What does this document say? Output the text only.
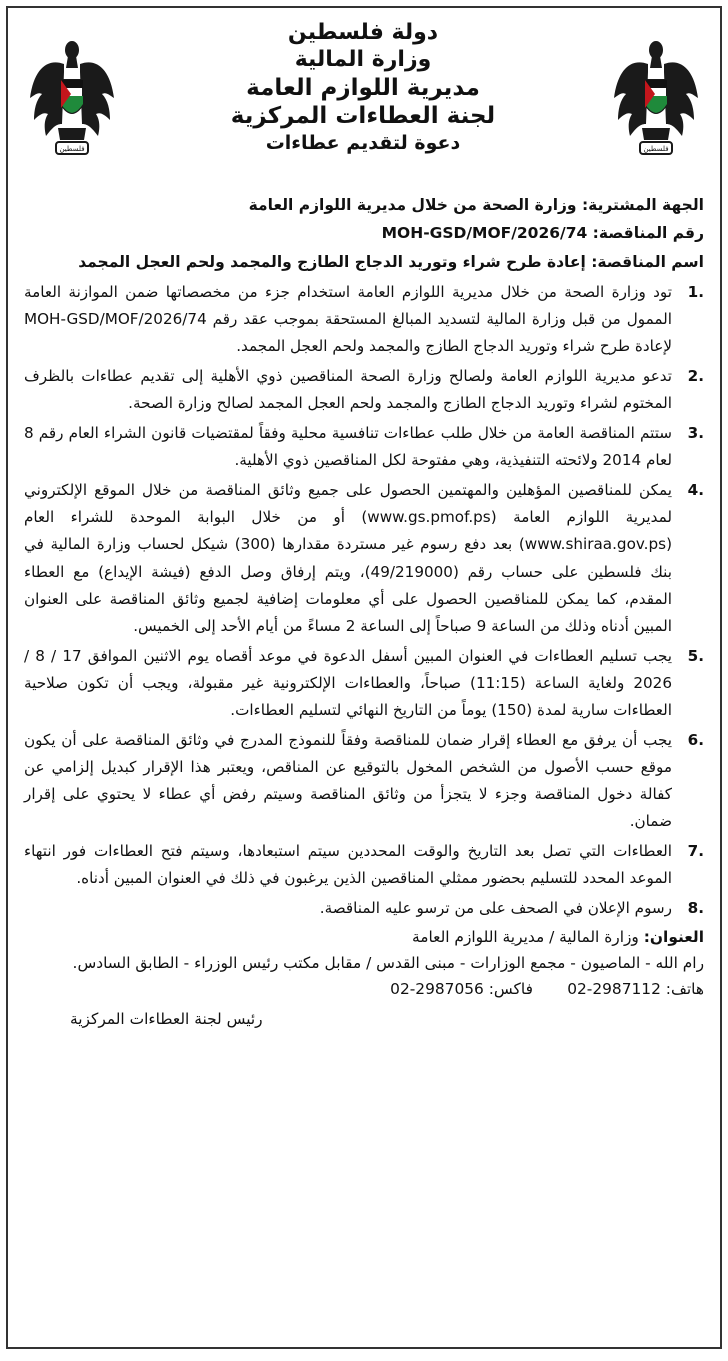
فلسطين
فلسطين
دولة فلسطين
وزارة المالية
مديرية اللوازم العامة
لجنة العطاءات المركزية
دعوة لتقديم عطاءات
الجهة المشترية: وزارة الصحة من خلال مديرية اللوازم العامة
رقم المناقصة: MOH-GSD/MOF/2026/74
اسم المناقصة: إعادة طرح شراء وتوريد الدجاج الطازج والمجمد ولحم العجل المجمد
.1
تود وزارة الصحة من خلال مديرية اللوازم العامة استخدام جزء من مخصصاتها ضمن الموازنة العامة الممول من قبل وزارة المالية لتسديد المبالغ المستحقة بموجب عقد رقم MOH-GSD/MOF/2026/74 لإعادة طرح شراء وتوريد الدجاج الطازج والمجمد ولحم العجل المجمد.
.2
تدعو مديرية اللوازم العامة ولصالح وزارة الصحة المناقصين ذوي الأهلية إلى تقديم عطاءات بالظرف المختوم لشراء وتوريد الدجاج الطازج والمجمد ولحم العجل المجمد لصالح وزارة الصحة.
.3
ستتم المناقصة العامة من خلال طلب عطاءات تنافسية محلية وفقاً لمقتضيات قانون الشراء العام رقم 8 لعام 2014 ولائحته التنفيذية، وهي مفتوحة لكل المناقصين ذوي الأهلية.
.4
يمكن للمناقصين المؤهلين والمهتمين الحصول على جميع وثائق المناقصة من خلال الموقع الإلكتروني لمديرية اللوازم العامة (www.gs.pmof.ps) أو من خلال البوابة الموحدة للشراء العام (www.shiraa.gov.ps) بعد دفع رسوم غير مستردة مقدارها (300) شيكل لحساب وزارة المالية في بنك فلسطين على حساب رقم (49/219000)، ويتم إرفاق وصل الدفع (فيشة الإيداع) مع العطاء المقدم، كما يمكن للمناقصين الحصول على أي معلومات إضافية لجميع وثائق المناقصة على العنوان المبين أدناه وذلك من الساعة 9 صباحاً إلى الساعة 2 مساءً من أيام الأحد إلى الخميس.
.5
يجب تسليم العطاءات في العنوان المبين أسفل الدعوة في موعد أقصاه يوم الاثنين الموافق 17 / 8 / 2026 ولغاية الساعة (11:15) صباحاً، والعطاءات الإلكترونية غير مقبولة، ويجب أن تكون صلاحية العطاءات سارية لمدة (150) يوماً من التاريخ النهائي لتسليم العطاءات.
.6
يجب أن يرفق مع العطاء إقرار ضمان للمناقصة وفقاً للنموذج المدرج في وثائق المناقصة على أن يكون موقع حسب الأصول من الشخص المخول بالتوقيع عن المناقص، ويعتبر هذا الإقرار كبديل إلزامي عن كفالة دخول المناقصة وجزء لا يتجزأ من وثائق المناقصة وسيتم رفض أي عطاء لا يحتوي على إقرار ضمان.
.7
العطاءات التي تصل بعد التاريخ والوقت المحددين سيتم استبعادها، وسيتم فتح العطاءات فور انتهاء الموعد المحدد للتسليم بحضور ممثلي المناقصين الذين يرغبون في ذلك في العنوان المبين أدناه.
.8
رسوم الإعلان في الصحف على من ترسو عليه المناقصة.
العنوان: وزارة المالية / مديرية اللوازم العامة
رام الله - الماصيون - مجمع الوزارات - مبنى القدس / مقابل مكتب رئيس الوزراء - الطابق السادس.
هاتف: 02-2987112       فاكس: 02-2987056
رئيس لجنة العطاءات المركزية
